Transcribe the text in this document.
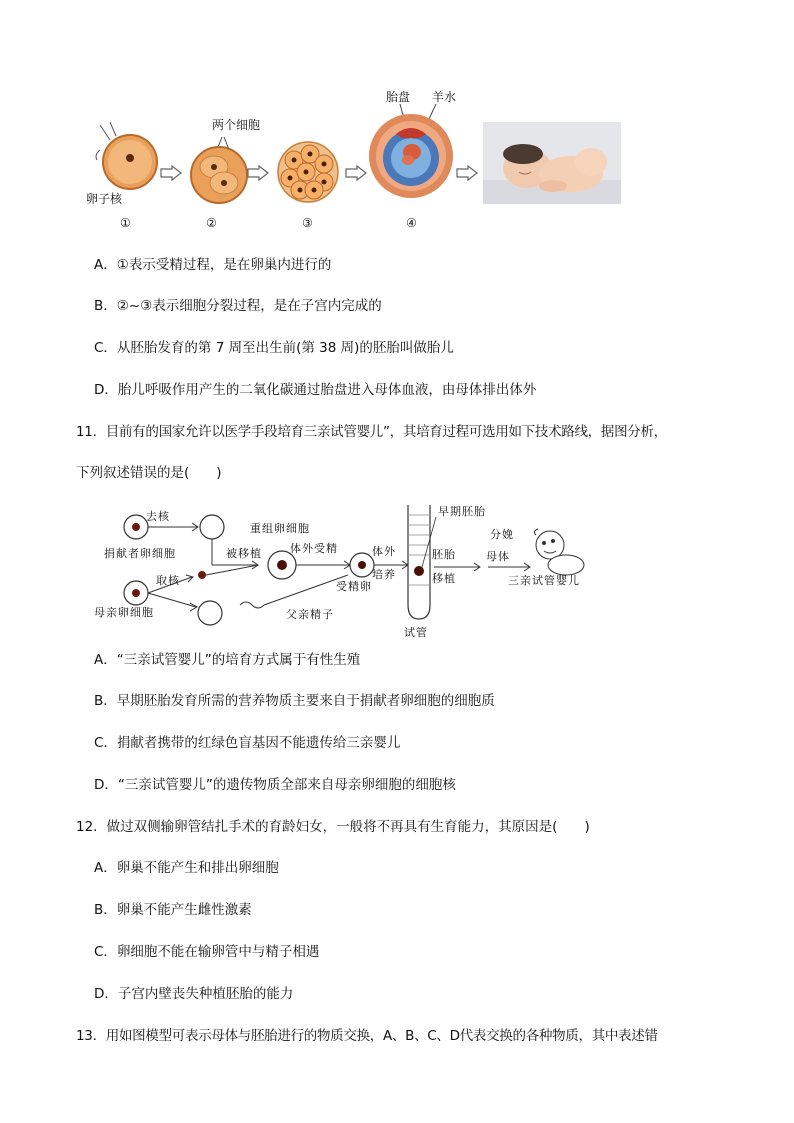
卵子核
两个细胞
胎盘 羊水
①	②	③	④
A．①表示受精过程，是在卵巢内进行的
B．②~③表示细胞分裂过程，是在子宫内完成的
C．从胚胎发育的第 7 周至出生前(第 38 周)的胚胎叫做胎儿
D．胎儿呼吸作用产生的二氧化碳通过胎盘进入母体血液，由母体排出体外
11．目前有的国家允许以医学手段培育三亲试管婴儿”，其培育过程可选用如下技术路线，据图分析，
下列叙述错误的是(　　)
去核
捐献者卵细胞
取核
母亲卵细胞
被移植
重组卵细胞
体外受精
受精卵
父亲精子
体外
培养
试管
早期胚胎
胚胎
移植
母体
分娩
三亲试管婴儿
A．“三亲试管婴儿”的培育方式属于有性生殖
B．早期胚胎发育所需的营养物质主要来自于捐献者卵细胞的细胞质
C．捐献者携带的红绿色盲基因不能遗传给三亲婴儿
D．“三亲试管婴儿”的遗传物质全部来自母亲卵细胞的细胞核
12．做过双侧输卵管结扎手术的育龄妇女，一般将不再具有生育能力，其原因是(　　)
A．卵巢不能产生和排出卵细胞
B．卵巢不能产生雌性激素
C．卵细胞不能在输卵管中与精子相遇
D．子宫内壁丧失种植胚胎的能力
13．用如图模型可表示母体与胚胎进行的物质交换，A、B、C、D代表交换的各种物质，其中表述错
